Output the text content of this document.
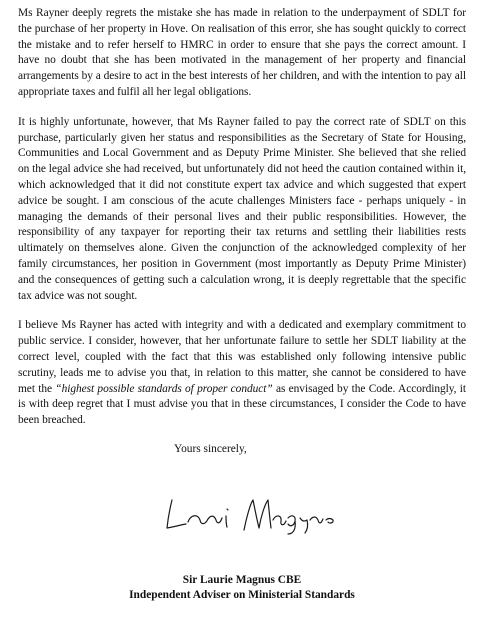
Ms Rayner deeply regrets the mistake she has made in relation to the underpayment of SDLT for the purchase of her property in Hove. On realisation of this error, she has sought quickly to correct the mistake and to refer herself to HMRC in order to ensure that she pays the correct amount. I have no doubt that she has been motivated in the management of her property and financial arrangements by a desire to act in the best interests of her children, and with the intention to pay all appropriate taxes and fulfil all her legal obligations.

It is highly unfortunate, however, that Ms Rayner failed to pay the correct rate of SDLT on this purchase, particularly given her status and responsibilities as the Secretary of State for Housing, Communities and Local Government and as Deputy Prime Minister. She believed that she relied on the legal advice she had received, but unfortunately did not heed the caution contained within it, which acknowledged that it did not constitute expert tax advice and which suggested that expert advice be sought. I am conscious of the acute challenges Ministers face - perhaps uniquely - in managing the demands of their personal lives and their public responsibilities. However, the responsibility of any taxpayer for reporting their tax returns and settling their liabilities rests ultimately on themselves alone. Given the conjunction of the acknowledged complexity of her family circumstances, her position in Government (most importantly as Deputy Prime Minister) and the consequences of getting such a calculation wrong, it is deeply regrettable that the specific tax advice was not sought.

I believe Ms Rayner has acted with integrity and with a dedicated and exemplary commitment to public service. I consider, however, that her unfortunate failure to settle her SDLT liability at the correct level, coupled with the fact that this was established only following intensive public scrutiny, leads me to advise you that, in relation to this matter, she cannot be considered to have met the “highest possible standards of proper conduct” as envisaged by the Code. Accordingly, it is with deep regret that I must advise you that in these circumstances, I consider the Code to have been breached.

Yours sincerely,

Sir Laurie Magnus CBE
Independent Adviser on Ministerial Standards
